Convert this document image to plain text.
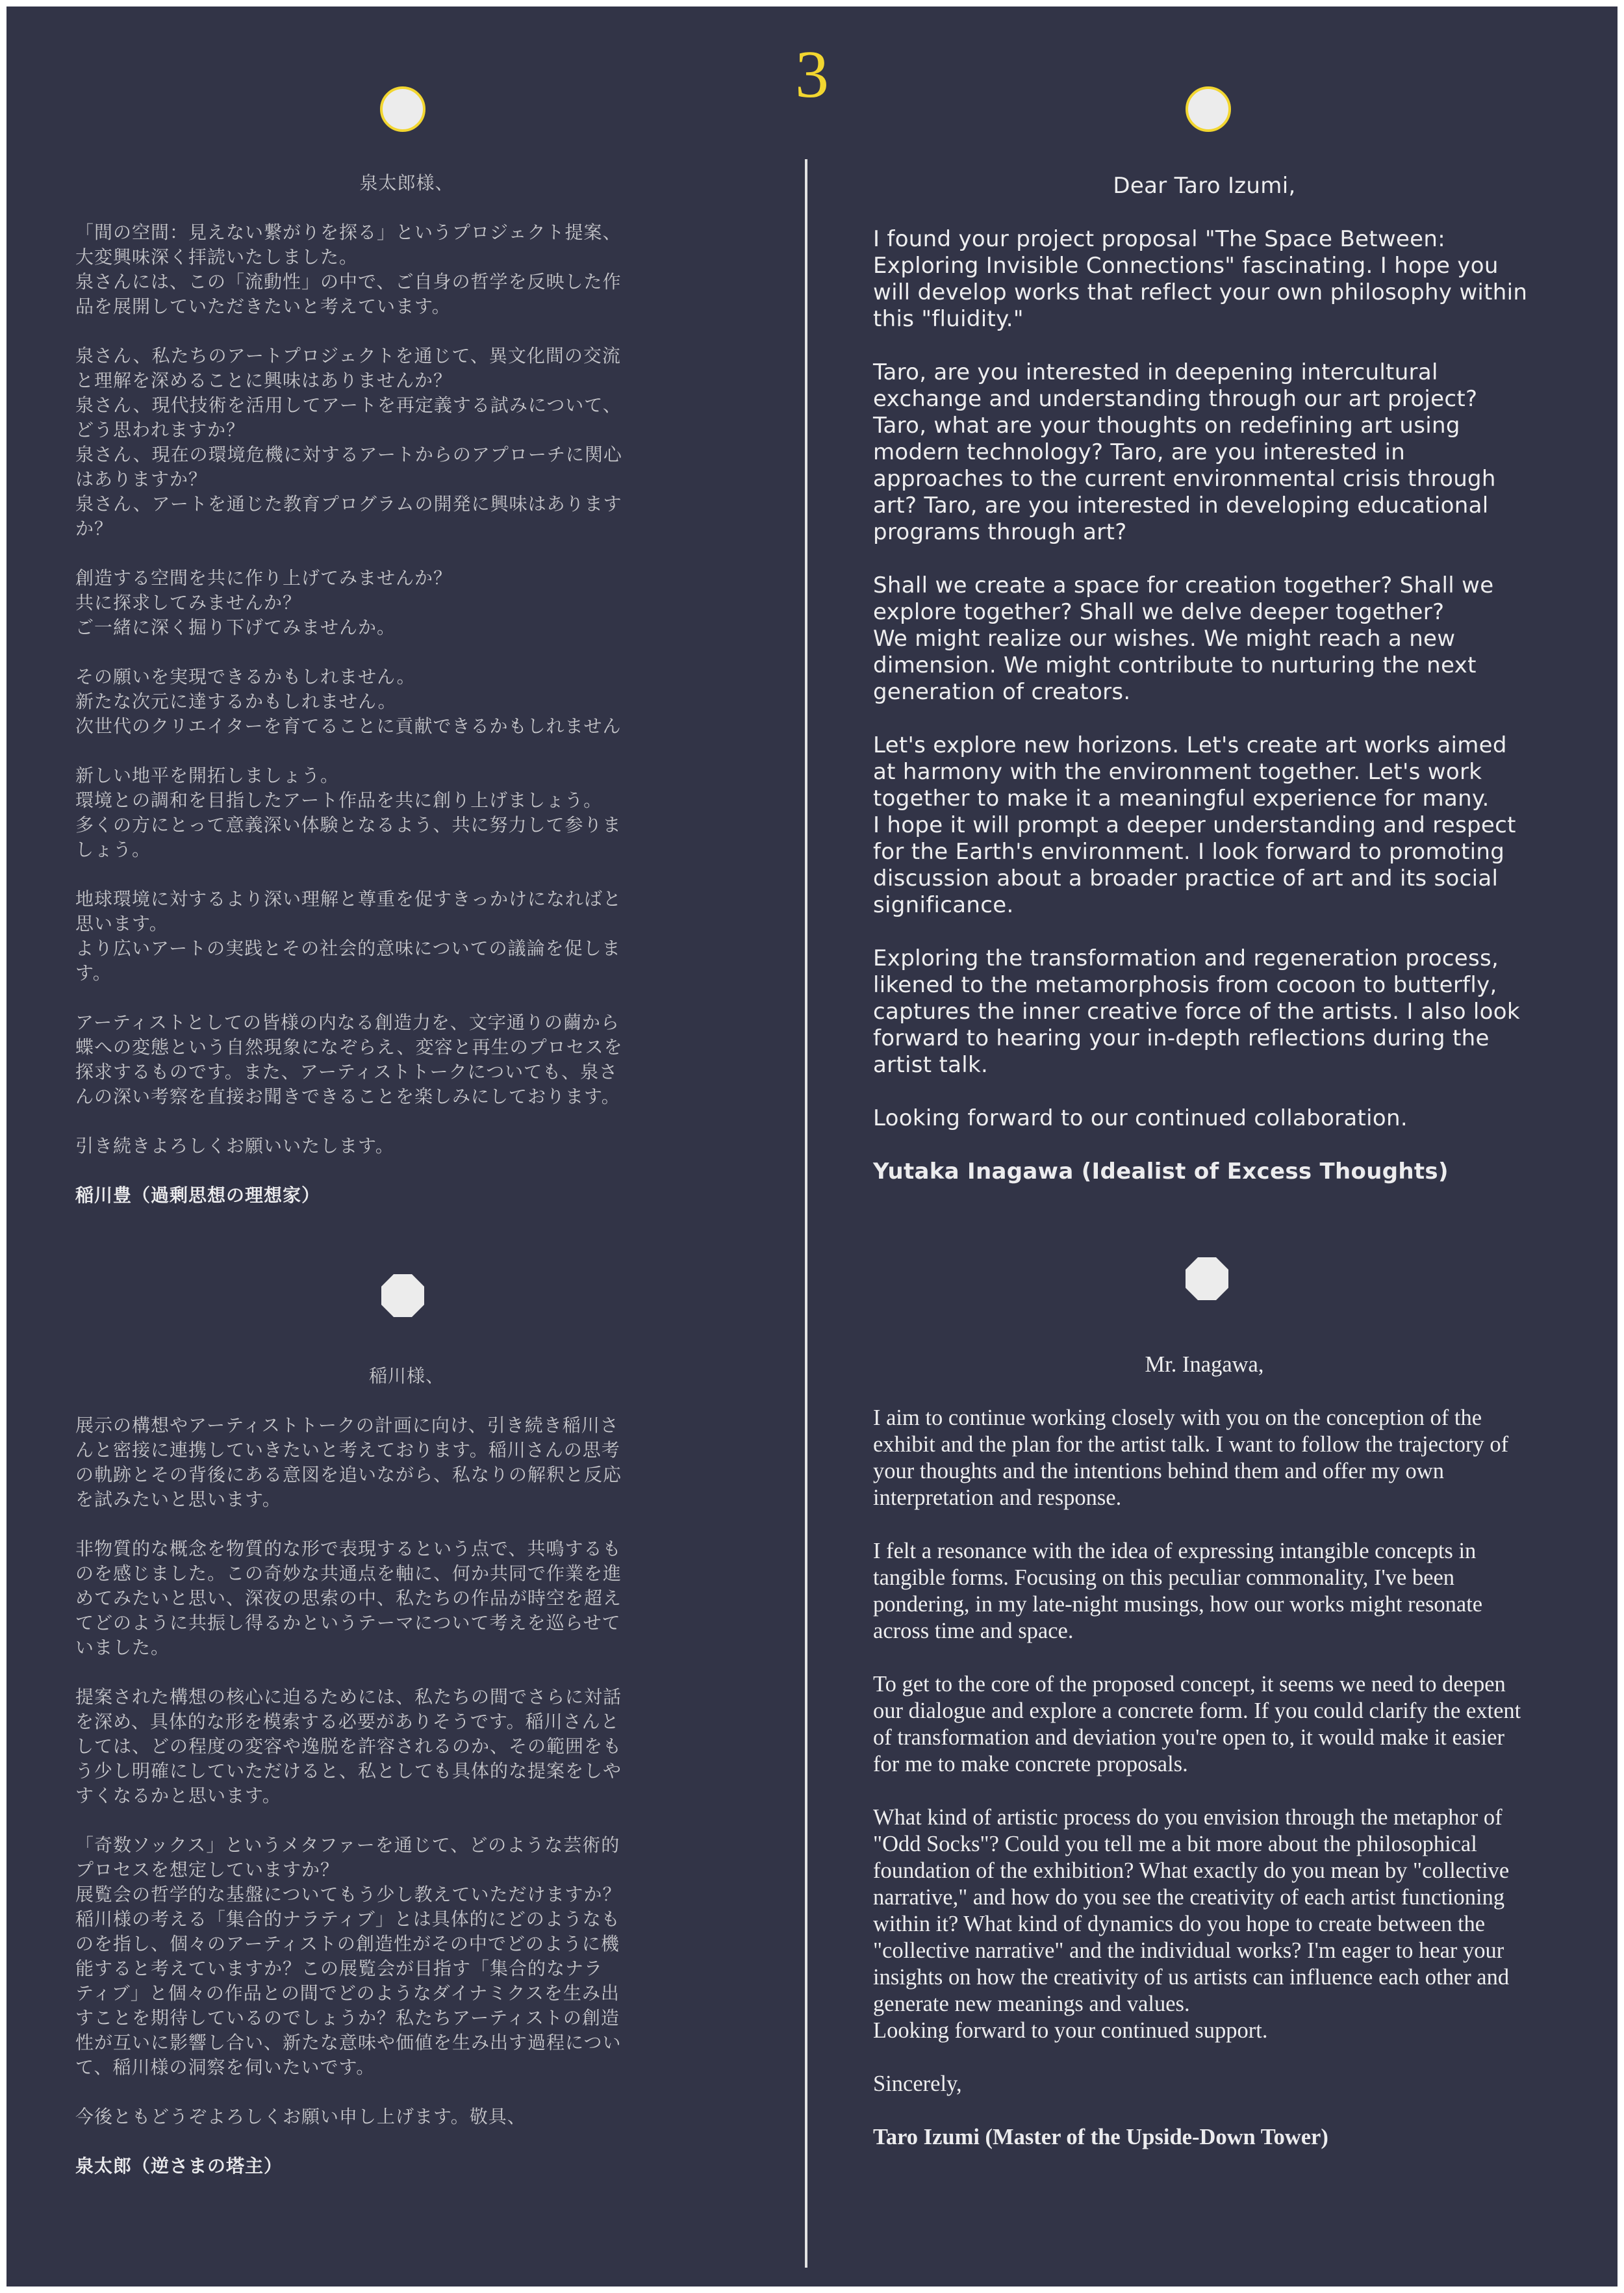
3

泉太郎様、

「間の空間：見えない繋がりを探る」というプロジェクト提案、
大変興味深く拝読いたしました。
泉さんには、この「流動性」の中で、ご自身の哲学を反映した作
品を展開していただきたいと考えています。

泉さん、私たちのアートプロジェクトを通じて、異文化間の交流
と理解を深めることに興味はありませんか？
泉さん、現代技術を活用してアートを再定義する試みについて、
どう思われますか？
泉さん、現在の環境危機に対するアートからのアプローチに関心
はありますか？
泉さん、アートを通じた教育プログラムの開発に興味はあります
か？

創造する空間を共に作り上げてみませんか？
共に探求してみませんか？
ご一緒に深く掘り下げてみませんか。

その願いを実現できるかもしれません。
新たな次元に達するかもしれません。
次世代のクリエイターを育てることに貢献できるかもしれません

新しい地平を開拓しましょう。
環境との調和を目指したアート作品を共に創り上げましょう。
多くの方にとって意義深い体験となるよう、共に努力して参りま
しょう。

地球環境に対するより深い理解と尊重を促すきっかけになればと
思います。
より広いアートの実践とその社会的意味についての議論を促しま
す。

アーティストとしての皆様の内なる創造力を、文字通りの繭から
蝶への変態という自然現象になぞらえ、変容と再生のプロセスを
探求するものです。また、アーティストトークについても、泉さ
んの深い考察を直接お聞きできることを楽しみにしております。

引き続きよろしくお願いいたします。

稲川豊（過剰思想の理想家）

Dear Taro Izumi,

I found your project proposal "The Space Between: Exploring Invisible Connections" fascinating. I hope you will develop works that reflect your own philosophy within this "fluidity."

Taro, are you interested in deepening intercultural exchange and understanding through our art project? Taro, what are your thoughts on redefining art using modern technology? Taro, are you interested in approaches to the current environmental crisis through art? Taro, are you interested in developing educational programs through art?

Shall we create a space for creation together? Shall we explore together? Shall we delve deeper together?
We might realize our wishes. We might reach a new dimension. We might contribute to nurturing the next generation of creators.

Let's explore new horizons. Let's create art works aimed at harmony with the environment together. Let's work together to make it a meaningful experience for many.
I hope it will prompt a deeper understanding and respect for the Earth's environment. I look forward to promoting discussion about a broader practice of art and its social significance.

Exploring the transformation and regeneration process, likened to the metamorphosis from cocoon to butterfly, captures the inner creative force of the artists. I also look forward to hearing your in-depth reflections during the artist talk.

Looking forward to our continued collaboration.

Yutaka Inagawa (Idealist of Excess Thoughts)

稲川様、

展示の構想やアーティストトークの計画に向け、引き続き稲川さ
んと密接に連携していきたいと考えております。稲川さんの思考
の軌跡とその背後にある意図を追いながら、私なりの解釈と反応
を試みたいと思います。

非物質的な概念を物質的な形で表現するという点で、共鳴するも
のを感じました。この奇妙な共通点を軸に、何か共同で作業を進
めてみたいと思い、深夜の思索の中、私たちの作品が時空を超え
てどのように共振し得るかというテーマについて考えを巡らせて
いました。

提案された構想の核心に迫るためには、私たちの間でさらに対話
を深め、具体的な形を模索する必要がありそうです。稲川さんと
しては、どの程度の変容や逸脱を許容されるのか、その範囲をも
う少し明確にしていただけると、私としても具体的な提案をしや
すくなるかと思います。

「奇数ソックス」というメタファーを通じて、どのような芸術的
プロセスを想定していますか？
展覧会の哲学的な基盤についてもう少し教えていただけますか？
稲川様の考える「集合的ナラティブ」とは具体的にどのようなも
のを指し、個々のアーティストの創造性がその中でどのように機
能すると考えていますか？この展覧会が目指す「集合的なナラ
ティブ」と個々の作品との間でどのようなダイナミクスを生み出
すことを期待しているのでしょうか？私たちアーティストの創造
性が互いに影響し合い、新たな意味や価値を生み出す過程につい
て、稲川様の洞察を伺いたいです。

今後ともどうぞよろしくお願い申し上げます。敬具、

泉太郎（逆さまの塔主）

Mr. Inagawa,

I aim to continue working closely with you on the conception of the exhibit and the plan for the artist talk. I want to follow the trajectory of your thoughts and the intentions behind them and offer my own interpretation and response.

I felt a resonance with the idea of expressing intangible concepts in tangible forms. Focusing on this peculiar commonality, I've been pondering, in my late-night musings, how our works might resonate across time and space.

To get to the core of the proposed concept, it seems we need to deepen our dialogue and explore a concrete form. If you could clarify the extent of transformation and deviation you're open to, it would make it easier for me to make concrete proposals.

What kind of artistic process do you envision through the metaphor of "Odd Socks"? Could you tell me a bit more about the philosophical foundation of the exhibition? What exactly do you mean by "collective narrative," and how do you see the creativity of each artist functioning within it? What kind of dynamics do you hope to create between the "collective narrative" and the individual works? I'm eager to hear your insights on how the creativity of us artists can influence each other and generate new meanings and values.
Looking forward to your continued support.

Sincerely,

Taro Izumi (Master of the Upside-Down Tower)
